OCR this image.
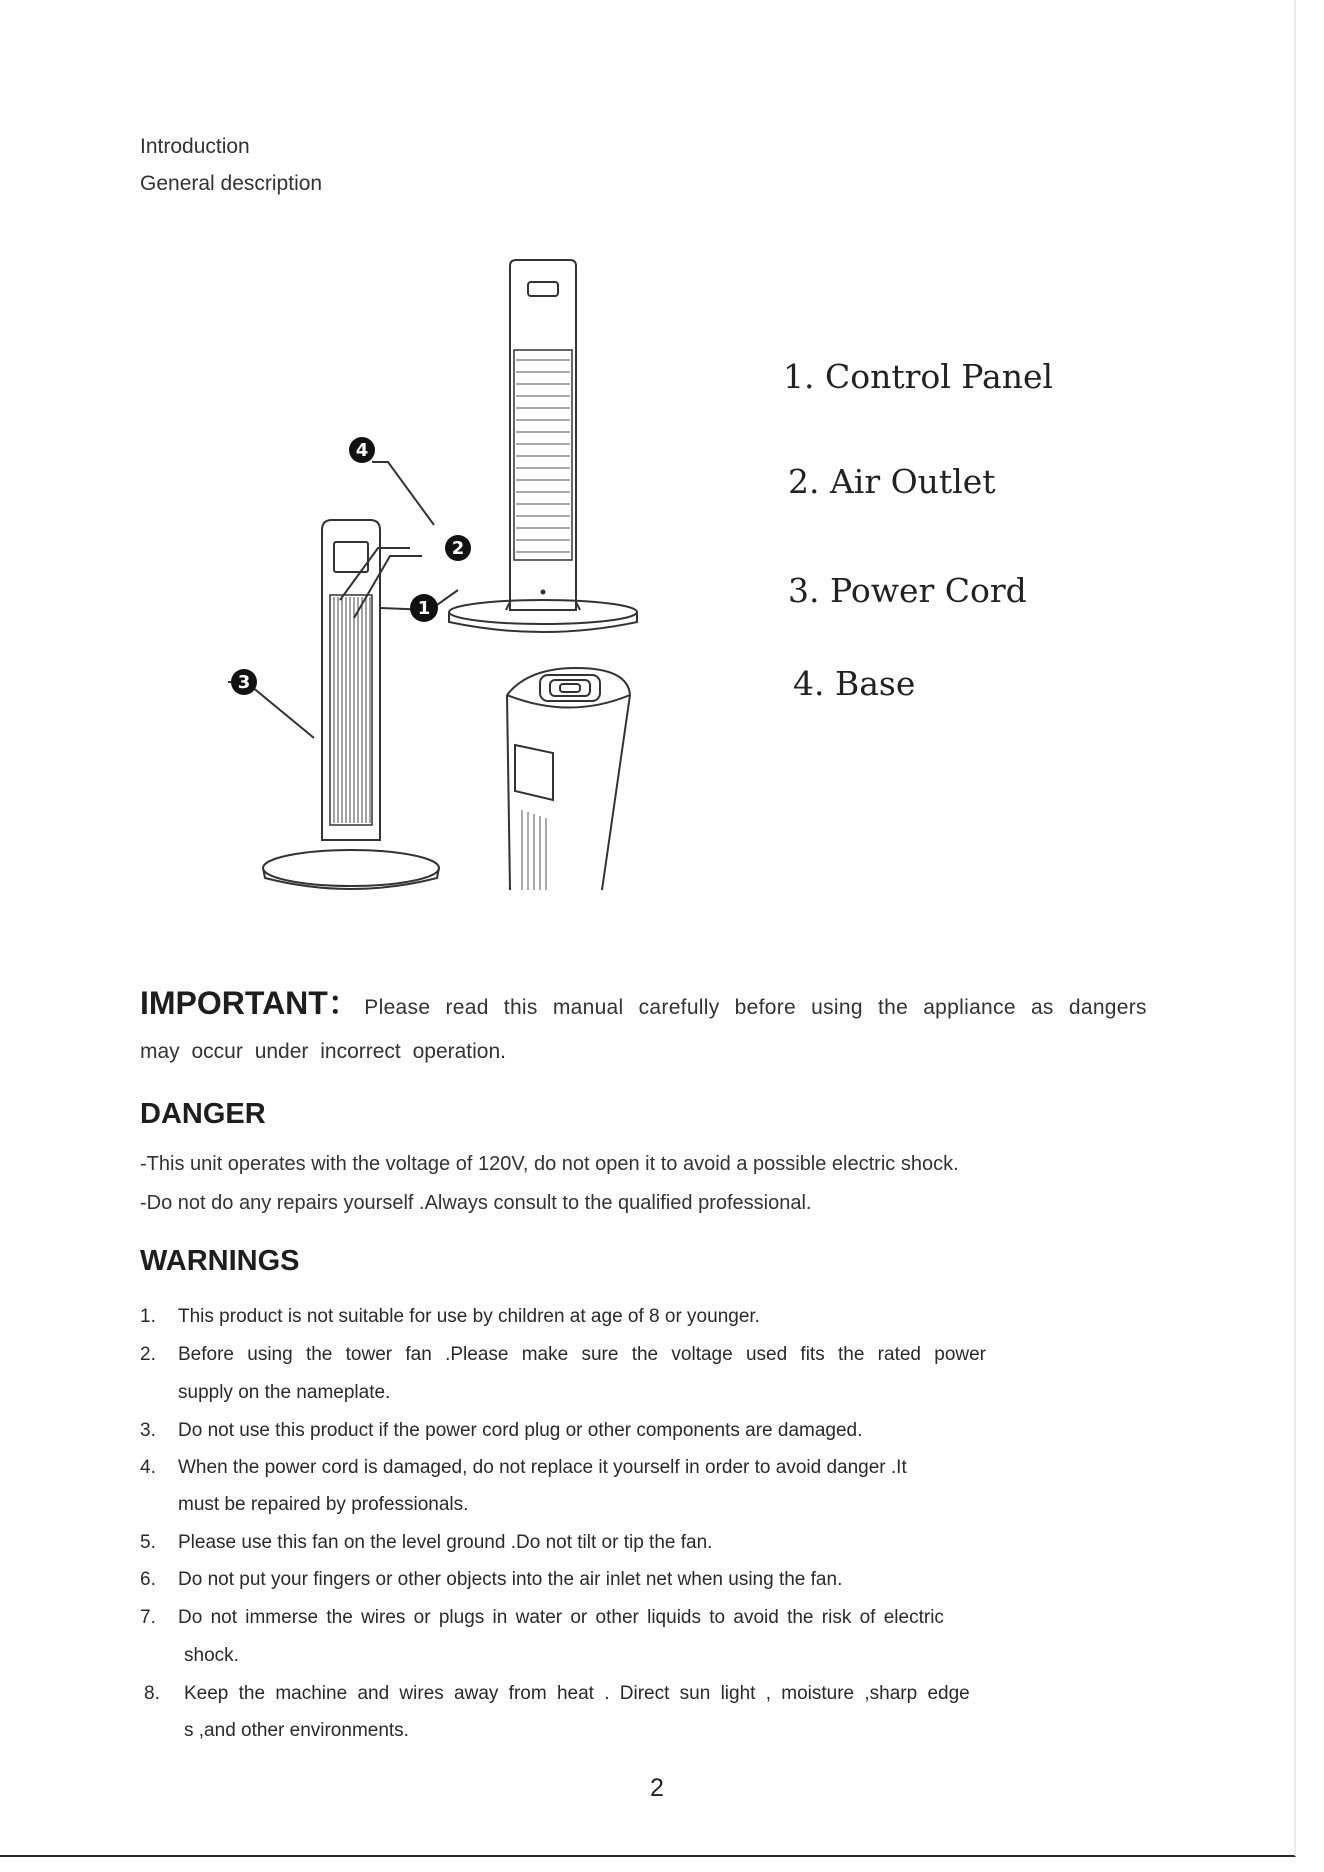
Introduction
General description
4
2
1
3
1. Control Panel
2. Air Outlet
3. Power Cord
4. Base
IMPORTANT： Please read this manual carefully before using the appliance as dangers
may occur under incorrect operation.
DANGER
-This unit operates with the voltage of 120V, do not open it to avoid a possible electric shock.
-Do not do any repairs yourself .Always consult to the qualified professional.
WARNINGS
1. This product is not suitable for use by children at age of 8 or younger.
2. Before using the tower fan .Please make sure the voltage used fits the rated power
supply on the nameplate.
3. Do not use this product if the power cord plug or other components are damaged.
4. When the power cord is damaged, do not replace it yourself in order to avoid danger .It
must be repaired by professionals.
5. Please use this fan on the level ground .Do not tilt or tip the fan.
6. Do not put your fingers or other objects into the air inlet net when using the fan.
7. Do not immerse the wires or plugs in water or other liquids to avoid the risk of electric
shock.
8. Keep the machine and wires away from heat . Direct sun light , moisture ,sharp edge
s ,and other environments.
2
